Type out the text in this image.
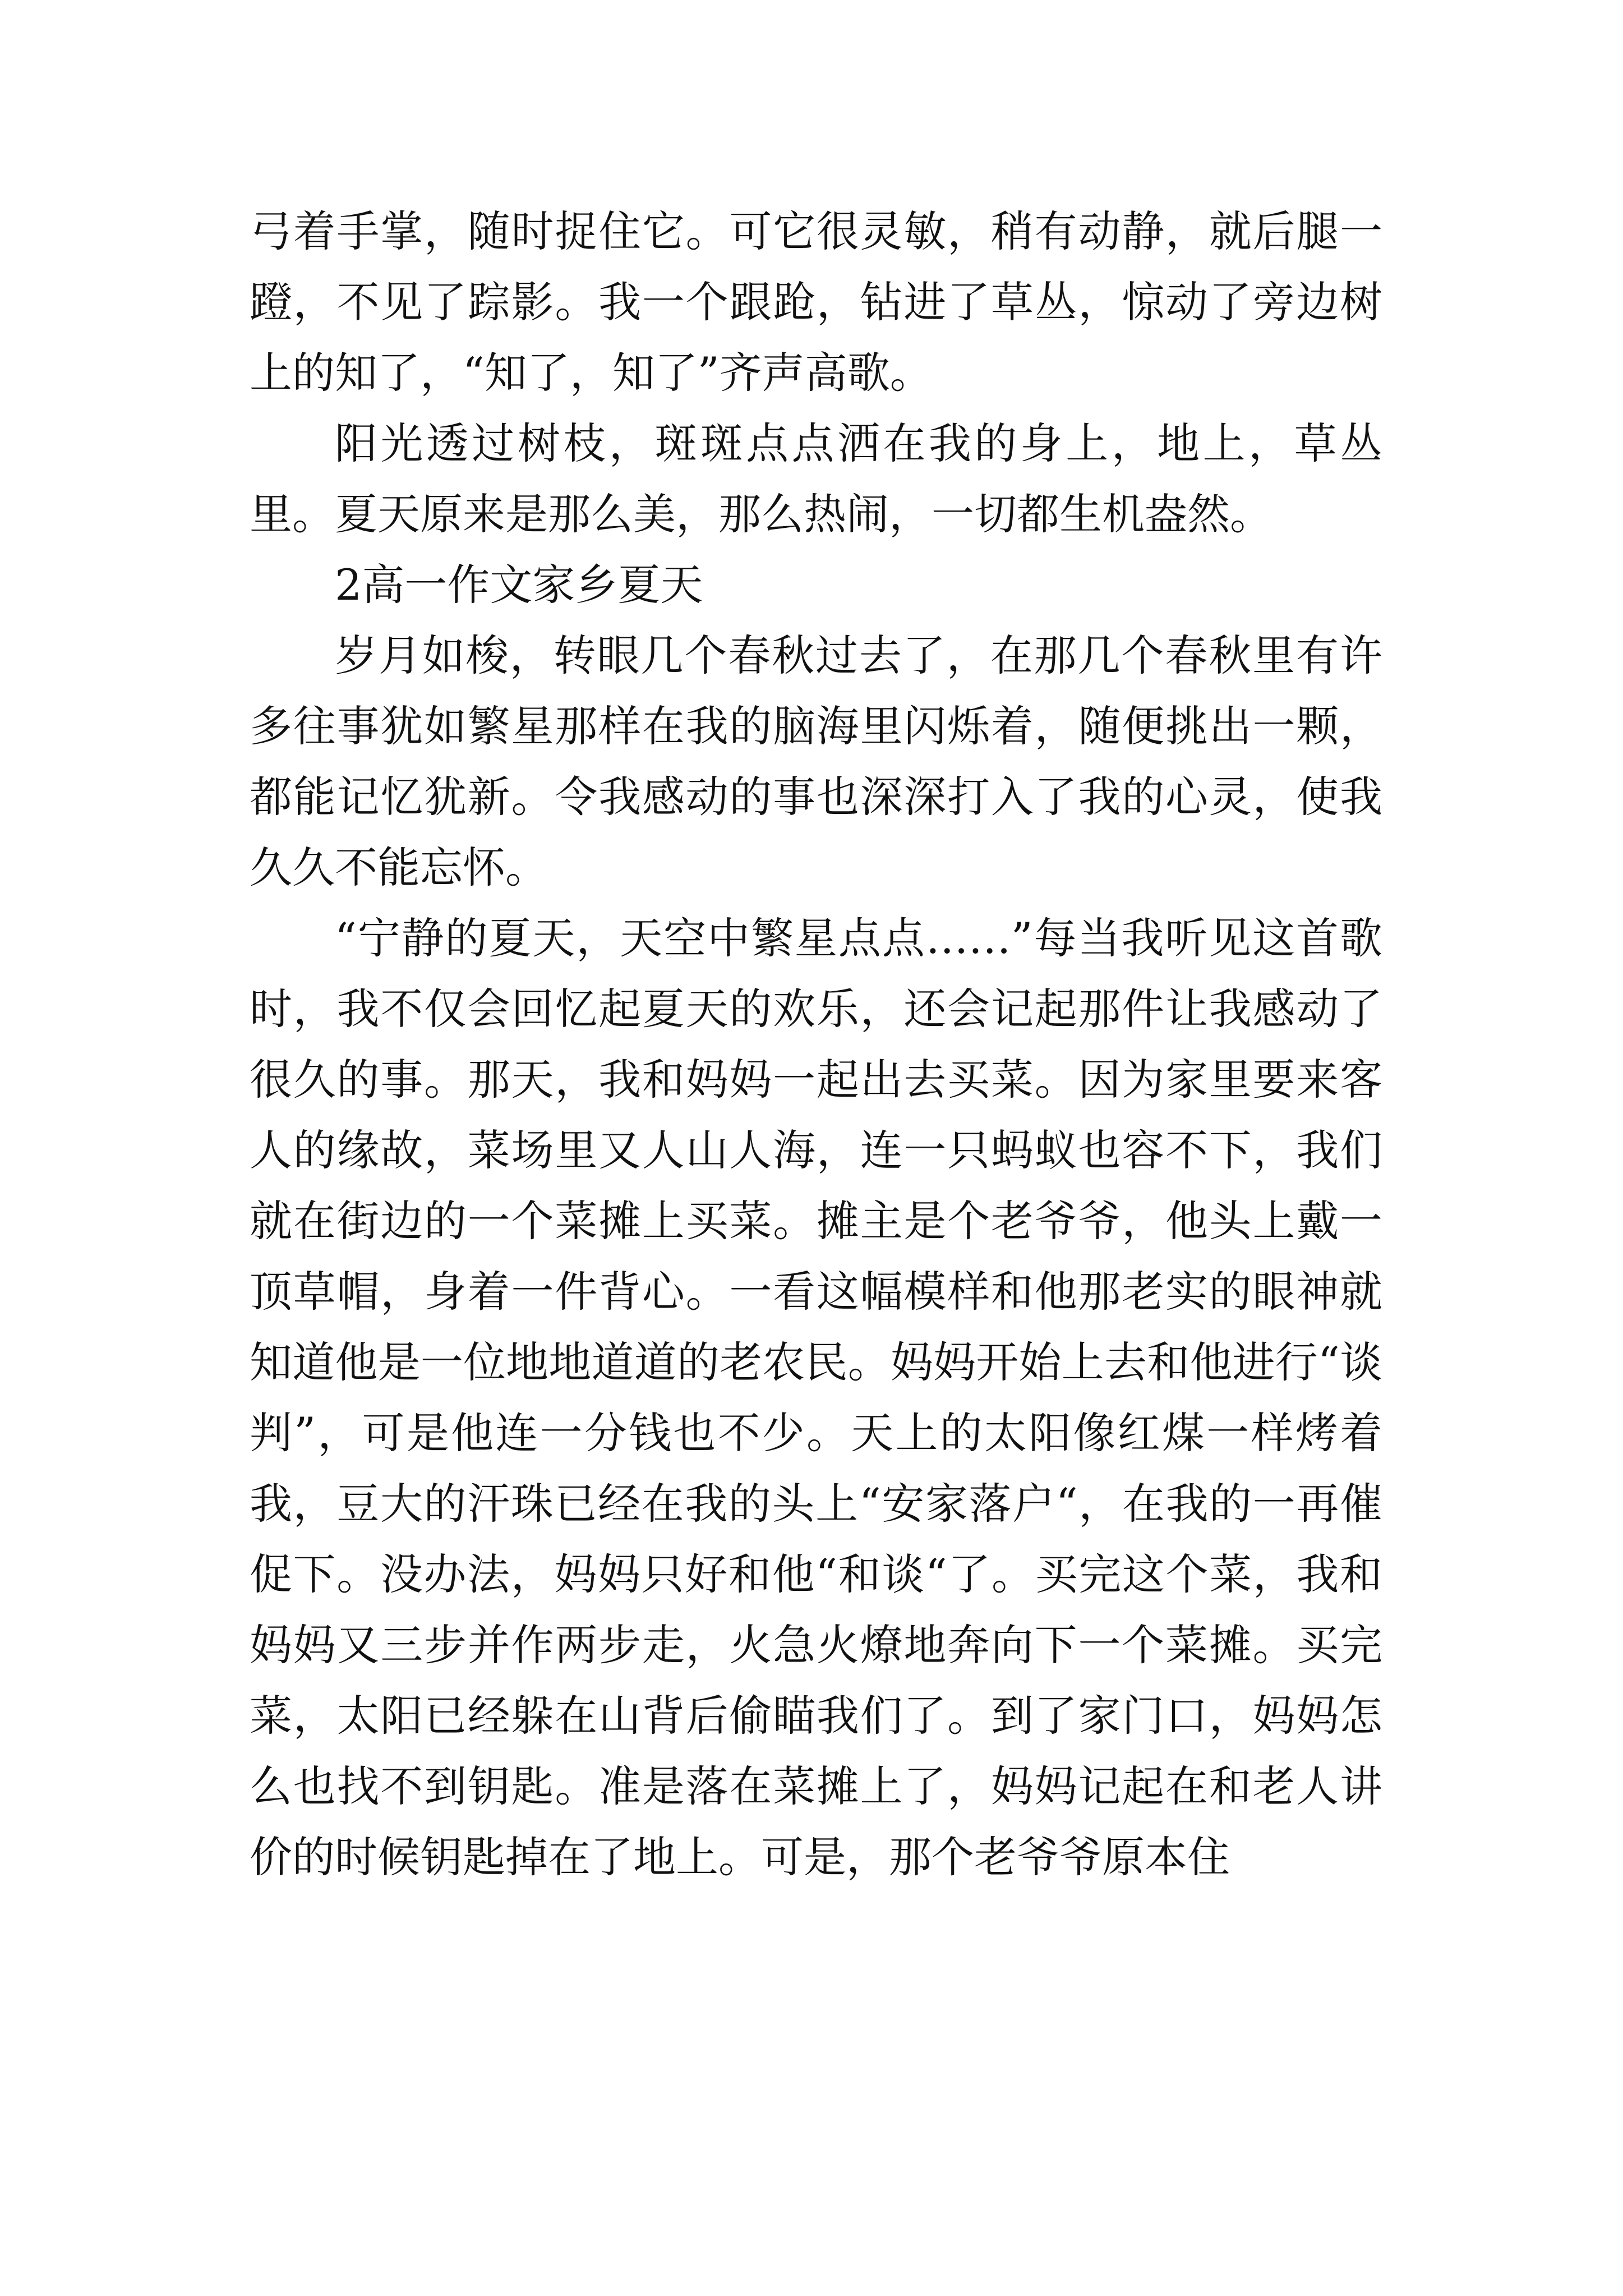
弓着手掌，随时捉住它。可它很灵敏，稍有动静，就后腿一蹬，不见了踪影。我一个跟跄，钻进了草丛，惊动了旁边树上的知了，“知了，知了”齐声高歌。

阳光透过树枝，斑斑点点洒在我的身上，地上，草丛里。夏天原来是那么美，那么热闹，一切都生机盎然。

2高一作文家乡夏天

岁月如梭，转眼几个春秋过去了，在那几个春秋里有许多往事犹如繁星那样在我的脑海里闪烁着，随便挑出一颗，都能记忆犹新。令我感动的事也深深打入了我的心灵，使我久久不能忘怀。

“宁静的夏天，天空中繁星点点……”每当我听见这首歌时，我不仅会回忆起夏天的欢乐，还会记起那件让我感动了很久的事。那天，我和妈妈一起出去买菜。因为家里要来客人的缘故，菜场里又人山人海，连一只蚂蚁也容不下，我们就在街边的一个菜摊上买菜。摊主是个老爷爷，他头上戴一顶草帽，身着一件背心。一看这幅模样和他那老实的眼神就知道他是一位地地道道的老农民。妈妈开始上去和他进行“谈判”，可是他连一分钱也不少。天上的太阳像红煤一样烤着我，豆大的汗珠已经在我的头上“安家落户“，在我的一再催促下。没办法，妈妈只好和他“和谈“了。买完这个菜，我和妈妈又三步并作两步走，火急火燎地奔向下一个菜摊。买完菜，太阳已经躲在山背后偷瞄我们了。到了家门口，妈妈怎么也找不到钥匙。准是落在菜摊上了，妈妈记起在和老人讲价的时候钥匙掉在了地上。可是，那个老爷爷原本住
